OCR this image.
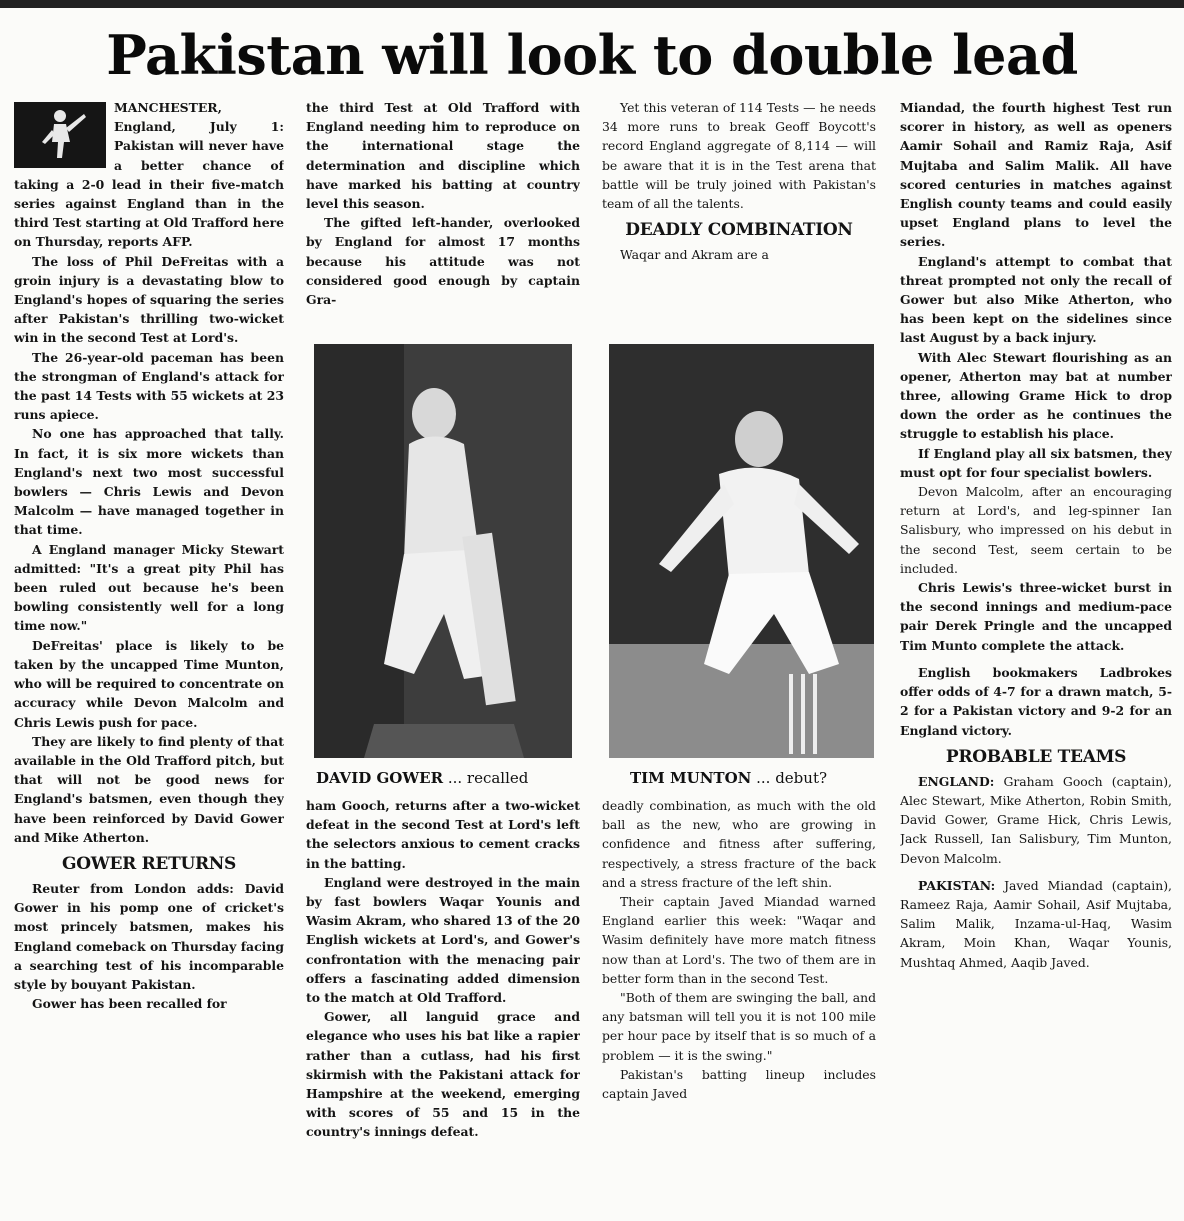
Pakistan will look to double lead

MANCHESTER, England, July 1: Pakistan will never have a better chance of taking a 2-0 lead in their five-match series against England than in the third Test starting at Old Trafford here on Thursday, reports AFP.

The loss of Phil DeFreitas with a groin injury is a devastating blow to England's hopes of squaring the series after Pakistan's thrilling two-wicket win in the second Test at Lord's.

The 26-year-old paceman has been the strongman of England's attack for the past 14 Tests with 55 wickets at 23 runs apiece.

No one has approached that tally. In fact, it is six more wickets than England's next two most successful bowlers — Chris Lewis and Devon Malcolm — have managed together in that time.

A England manager Micky Stewart admitted: "It's a great pity Phil has been ruled out because he's been bowling consistently well for a long time now."

DeFreitas' place is likely to be taken by the uncapped Time Munton, who will be required to concentrate on accuracy while Devon Malcolm and Chris Lewis push for pace.

They are likely to find plenty of that available in the Old Trafford pitch, but that will not be good news for England's batsmen, even though they have been reinforced by David Gower and Mike Atherton.

GOWER RETURNS

Reuter from London adds: David Gower in his pomp one of cricket's most princely batsmen, makes his England comeback on Thursday facing a searching test of his incomparable style by bouyant Pakistan.

Gower has been recalled for

the third Test at Old Trafford with England needing him to reproduce on the international stage the determination and discipline which have marked his batting at country level this season.

The gifted left-hander, overlooked by England for almost 17 months because his attitude was not considered good enough by captain Gra-

ham Gooch, returns after a two-wicket defeat in the second Test at Lord's left the selectors anxious to cement cracks in the batting.

England were destroyed in the main by fast bowlers Waqar Younis and Wasim Akram, who shared 13 of the 20 English wickets at Lord's, and Gower's confrontation with the menacing pair offers a fascinating added dimension to the match at Old Trafford.

Gower, all languid grace and elegance who uses his bat like a rapier rather than a cutlass, had his first skirmish with the Pakistani attack for Hampshire at the weekend, emerging with scores of 55 and 15 in the country's innings defeat.

DAVID GOWER ... recalled

Yet this veteran of 114 Tests — he needs 34 more runs to break Geoff Boycott's record England aggregate of 8,114 — will be aware that it is in the Test arena that battle will be truly joined with Pakistan's team of all the talents.

DEADLY COMBINATION

Waqar and Akram are a

deadly combination, as much with the old ball as the new, who are growing in confidence and fitness after suffering, respectively, a stress fracture of the back and a stress fracture of the left shin.

Their captain Javed Miandad warned England earlier this week: "Waqar and Wasim definitely have more match fitness now than at Lord's. The two of them are in better form than in the second Test.

"Both of them are swinging the ball, and any batsman will tell you it is not 100 mile per hour pace by itself that is so much of a problem — it is the swing."

Pakistan's batting lineup includes captain Javed

TIM MUNTON ... debut?

Miandad, the fourth highest Test run scorer in history, as well as openers Aamir Sohail and Ramiz Raja, Asif Mujtaba and Salim Malik. All have scored centuries in matches against English county teams and could easily upset England plans to level the series.

England's attempt to combat that threat prompted not only the recall of Gower but also Mike Atherton, who has been kept on the sidelines since last August by a back injury.

With Alec Stewart flourishing as an opener, Atherton may bat at number three, allowing Grame Hick to drop down the order as he continues the struggle to establish his place.

If England play all six batsmen, they must opt for four specialist bowlers.

Devon Malcolm, after an encouraging return at Lord's, and leg-spinner Ian Salisbury, who impressed on his debut in the second Test, seem certain to be included.

Chris Lewis's three-wicket burst in the second innings and medium-pace pair Derek Pringle and the uncapped Tim Munto complete the attack.

English bookmakers Ladbrokes offer odds of 4-7 for a drawn match, 5-2 for a Pakistan victory and 9-2 for an England victory.

PROBABLE TEAMS

ENGLAND: Graham Gooch (captain), Alec Stewart, Mike Atherton, Robin Smith, David Gower, Grame Hick, Chris Lewis, Jack Russell, Ian Salisbury, Tim Munton, Devon Malcolm.

PAKISTAN: Javed Miandad (captain), Rameez Raja, Aamir Sohail, Asif Mujtaba, Salim Malik, Inzama-ul-Haq, Wasim Akram, Moin Khan, Waqar Younis, Mushtaq Ahmed, Aaqib Javed.
